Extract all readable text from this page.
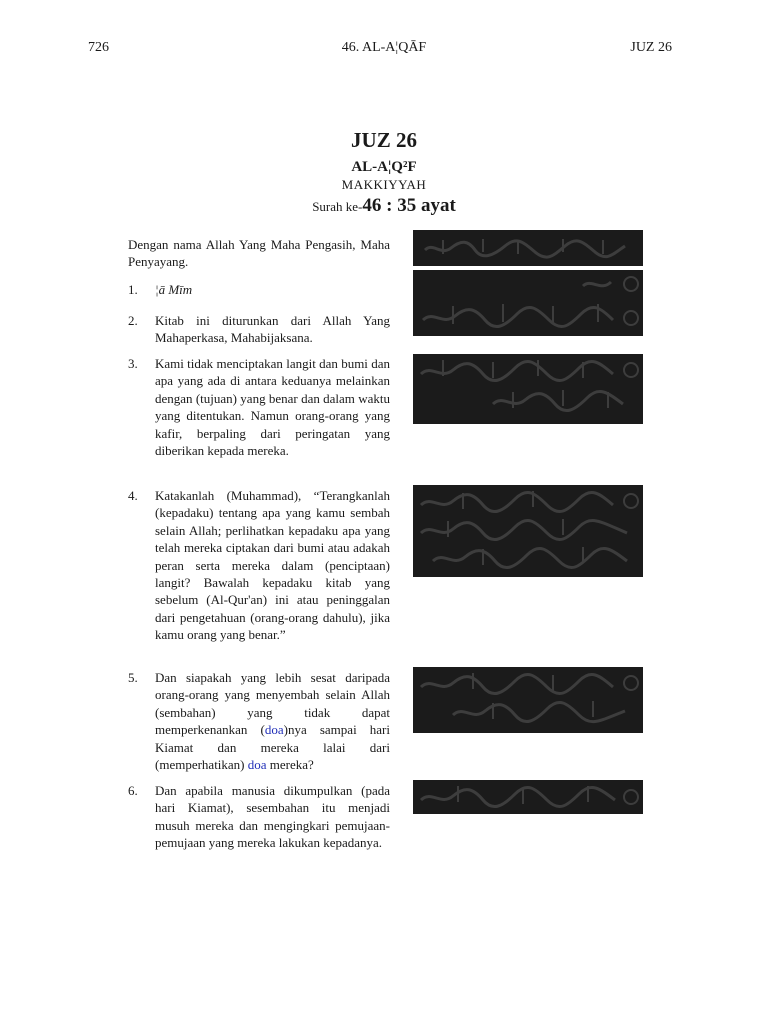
726	46. AL-A¦QĀF	JUZ 26
JUZ 26
AL-A¦Q²F
MAKKIYYAH
Surah ke-46 : 35 ayat
Dengan nama Allah Yang Maha Pengasih, Maha Penyayang.
1.	¦ā Mīm
2.	Kitab ini diturunkan dari Allah Yang Mahaperkasa, Mahabijaksana.
3.	Kami tidak menciptakan langit dan bumi dan apa yang ada di antara keduanya melainkan dengan (tujuan) yang benar dan dalam waktu yang ditentukan. Namun orang-orang yang kafir, berpaling dari peringatan yang diberikan kepada mereka.
4.	Katakanlah (Muhammad), “Terangkanlah (kepadaku) tentang apa yang kamu sembah selain Allah; perlihatkan kepadaku apa yang telah mereka ciptakan dari bumi atau adakah peran serta mereka dalam (penciptaan) langit? Bawalah kepadaku kitab yang sebelum (Al-Qur'an) ini atau peninggalan dari pengetahuan (orang-orang dahulu), jika kamu orang yang benar.”
5.	Dan siapakah yang lebih sesat daripada orang-orang yang menyembah selain Allah (sembahan) yang tidak dapat memperkenankan (doa)nya sampai hari Kiamat dan mereka lalai dari (memperhatikan) doa mereka?
6.	Dan apabila manusia dikumpulkan (pada hari Kiamat), sesembahan itu menjadi musuh mereka dan mengingkari pemujaan-pemujaan yang mereka lakukan kepadanya.
